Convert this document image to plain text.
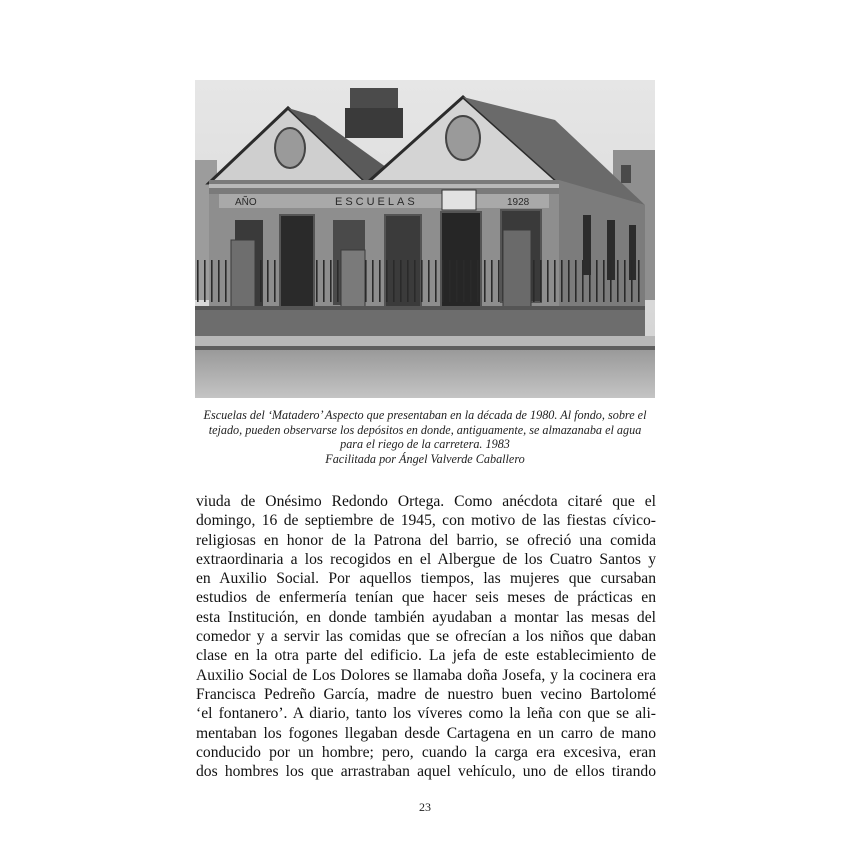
AÑO	ESCUELAS	1928
Escuelas del ‘Matadero’ Aspecto que presentaban en la década de 1980. Al fondo, sobre el
tejado, pueden observarse los depósitos en donde, antiguamente, se almazanaba el agua
para el riego de la carretera. 1983
Facilitada por Ángel Valverde Caballero
viuda de Onésimo Redondo Ortega. Como anécdota citaré que el
domingo, 16 de septiembre de 1945, con motivo de las fiestas cívico-
religiosas en honor de la Patrona del barrio, se ofreció una comida
extraordinaria a los recogidos en el Albergue de los Cuatro Santos y
en Auxilio Social. Por aquellos tiempos, las mujeres que cursaban
estudios de enfermería tenían que hacer seis meses de prácticas en
esta Institución, en donde también ayudaban a montar las mesas del
comedor y a servir las comidas que se ofrecían a los niños que daban
clase en la otra parte del edificio. La jefa de este establecimiento de
Auxilio Social de Los Dolores se llamaba doña Josefa, y la cocinera era
Francisca Pedreño García, madre de nuestro buen vecino Bartolomé
‘el fontanero’. A diario, tanto los víveres como la leña con que se ali-
mentaban los fogones llegaban desde Cartagena en un carro de mano
conducido por un hombre; pero, cuando la carga era excesiva, eran
dos hombres los que arrastraban aquel vehículo, uno de ellos tirando
23
